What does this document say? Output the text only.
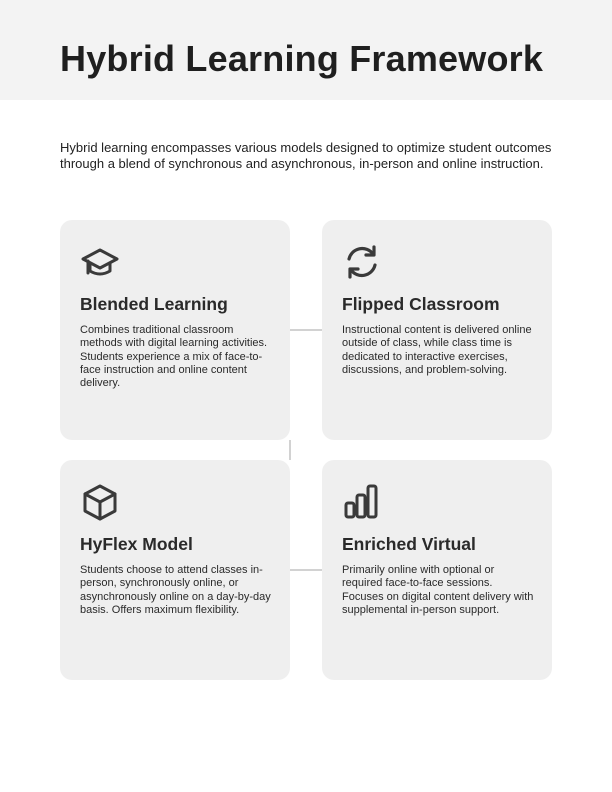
Hybrid Learning Framework
Hybrid learning encompasses various models designed to optimize student outcomes through a blend of synchronous and asynchronous, in-person and online instruction.
Blended Learning
Combines traditional classroom methods with digital learning activities. Students experience a mix of face-to-face instruction and online content delivery.
Flipped Classroom
Instructional content is delivered online outside of class, while class time is dedicated to interactive exercises, discussions, and problem-solving.
HyFlex Model
Students choose to attend classes in-person, synchronously online, or asynchronously online on a day-by-day basis. Offers maximum flexibility.
Enriched Virtual
Primarily online with optional or required face-to-face sessions. Focuses on digital content delivery with supplemental in-person support.
